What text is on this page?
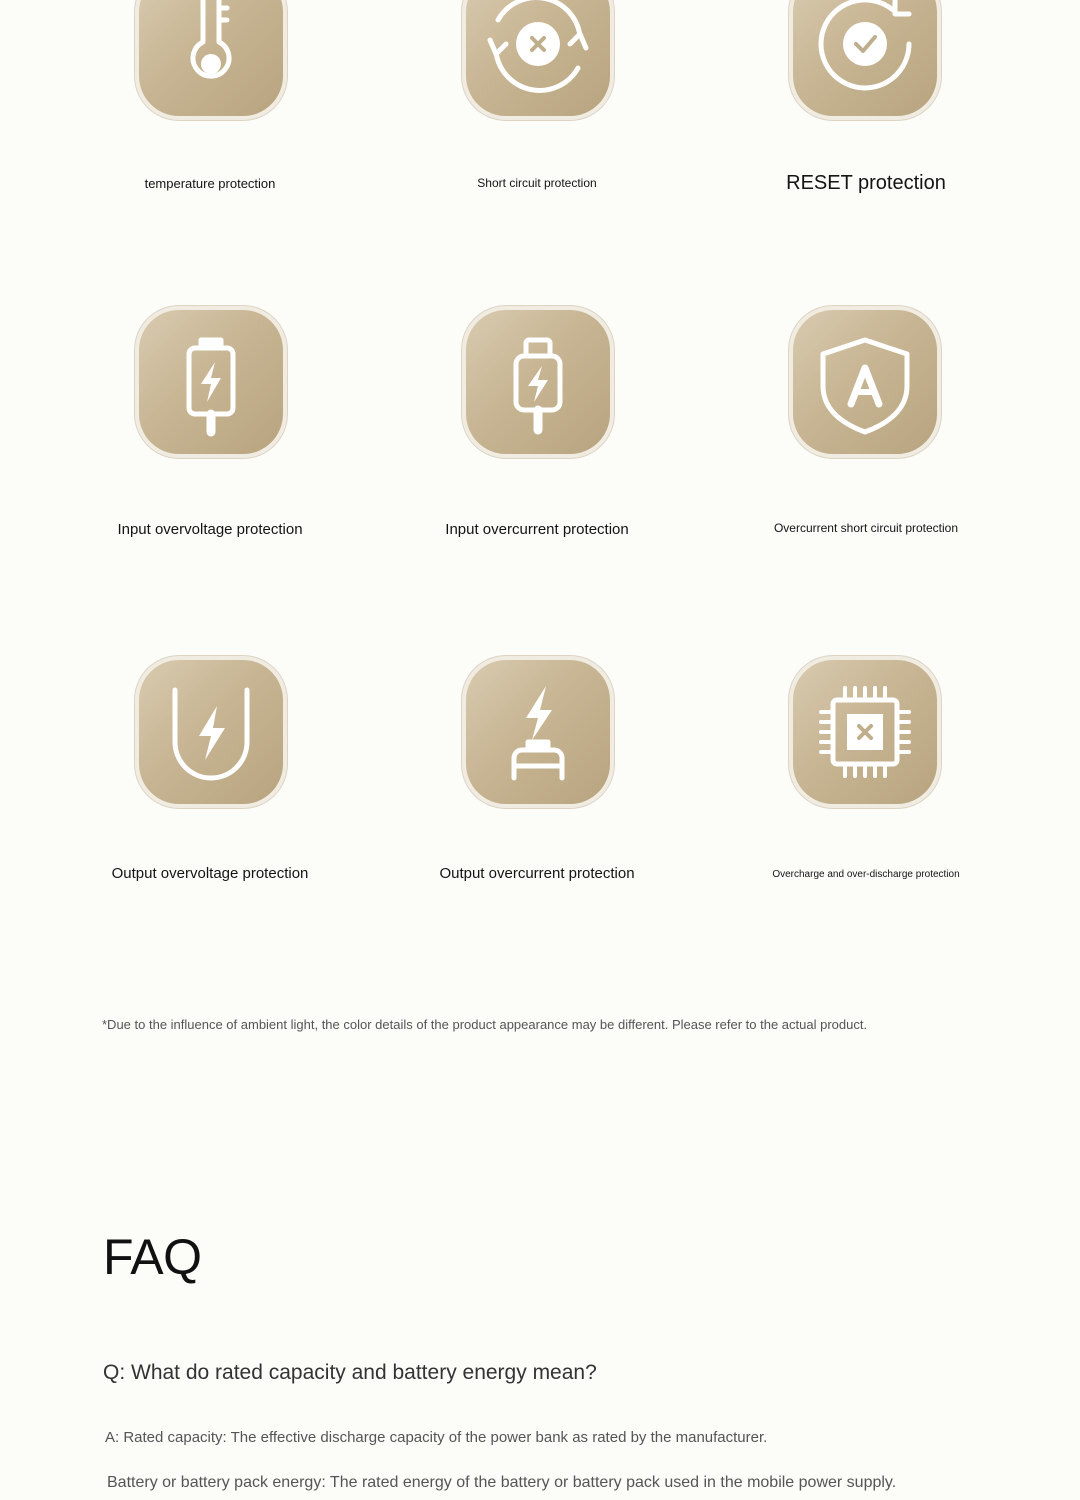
temperature protection	Short circuit protection	RESET protection
Input overvoltage protection	Input overcurrent protection	Overcurrent short circuit protection
Output overvoltage protection	Output overcurrent protection	Overcharge and over-discharge protection
*Due to the influence of ambient light, the color details of the product appearance may be different. Please refer to the actual product.
FAQ

Q: What do rated capacity and battery energy mean?

A: Rated capacity: The effective discharge capacity of the power bank as rated by the manufacturer.

Battery or battery pack energy: The rated energy of the battery or battery pack used in the mobile power supply.
